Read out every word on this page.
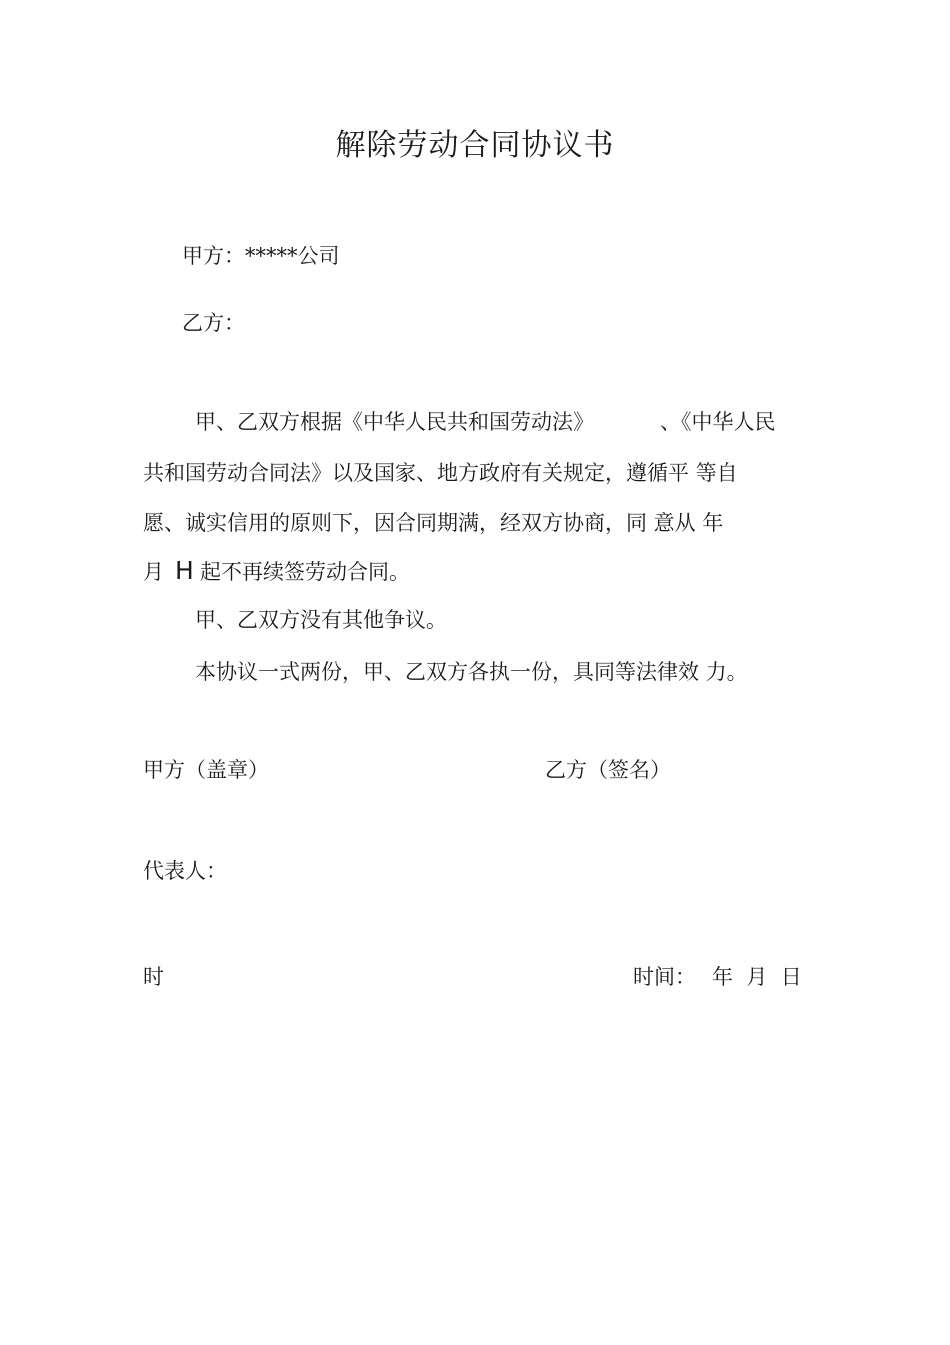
解除劳动合同协议书
甲方：*****公司
乙方：
甲、乙双方根据《中华人民共和国劳动法》	、《中华人民
共和国劳动合同法》以及国家、地方政府有关规定，遵循平 等自
愿、诚实信用的原则下，因合同期满，经双方协商，同 意从 年
月 H 起不再续签劳动合同。
甲、乙双方没有其他争议。
本协议一式两份，甲、乙双方各执一份，具同等法律效 力。
甲方（盖章）	乙方（签名）
代表人：
时	时间： 年  月  日
